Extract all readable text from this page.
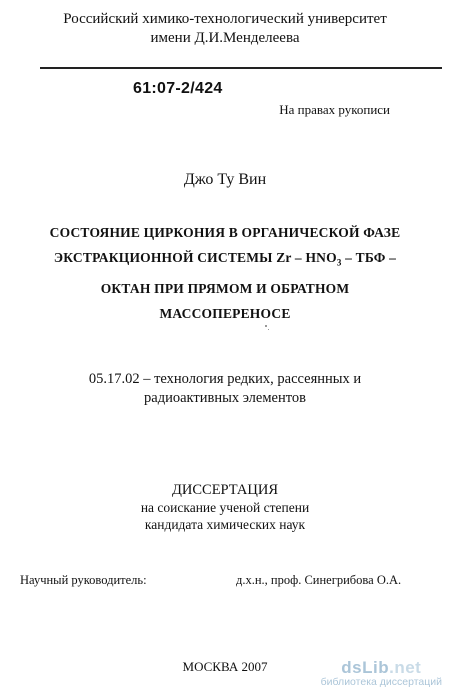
Российский химико-технологический университет
имени Д.И.Менделеева
61:07-2/424
На правах рукописи
Джо Ту Вин
СОСТОЯНИЕ ЦИРКОНИЯ В ОРГАНИЧЕСКОЙ ФАЗЕ
ЭКСТРАКЦИОННОЙ СИСТЕМЫ Zr – $HNO_3$ – ТБФ –
ОКТАН ПРИ ПРЯМОМ И ОБРАТНОМ
МАССОПЕРЕНОСЕ
05.17.02 – технология редких, рассеянных и
радиоактивных элементов
ДИССЕРТАЦИЯ
на соискание ученой степени
кандидата химических наук
Научный руководитель:	д.х.н., проф. Синегрибова О.А.
МОСКВА 2007	dsLib.net
библиотека диссертаций
